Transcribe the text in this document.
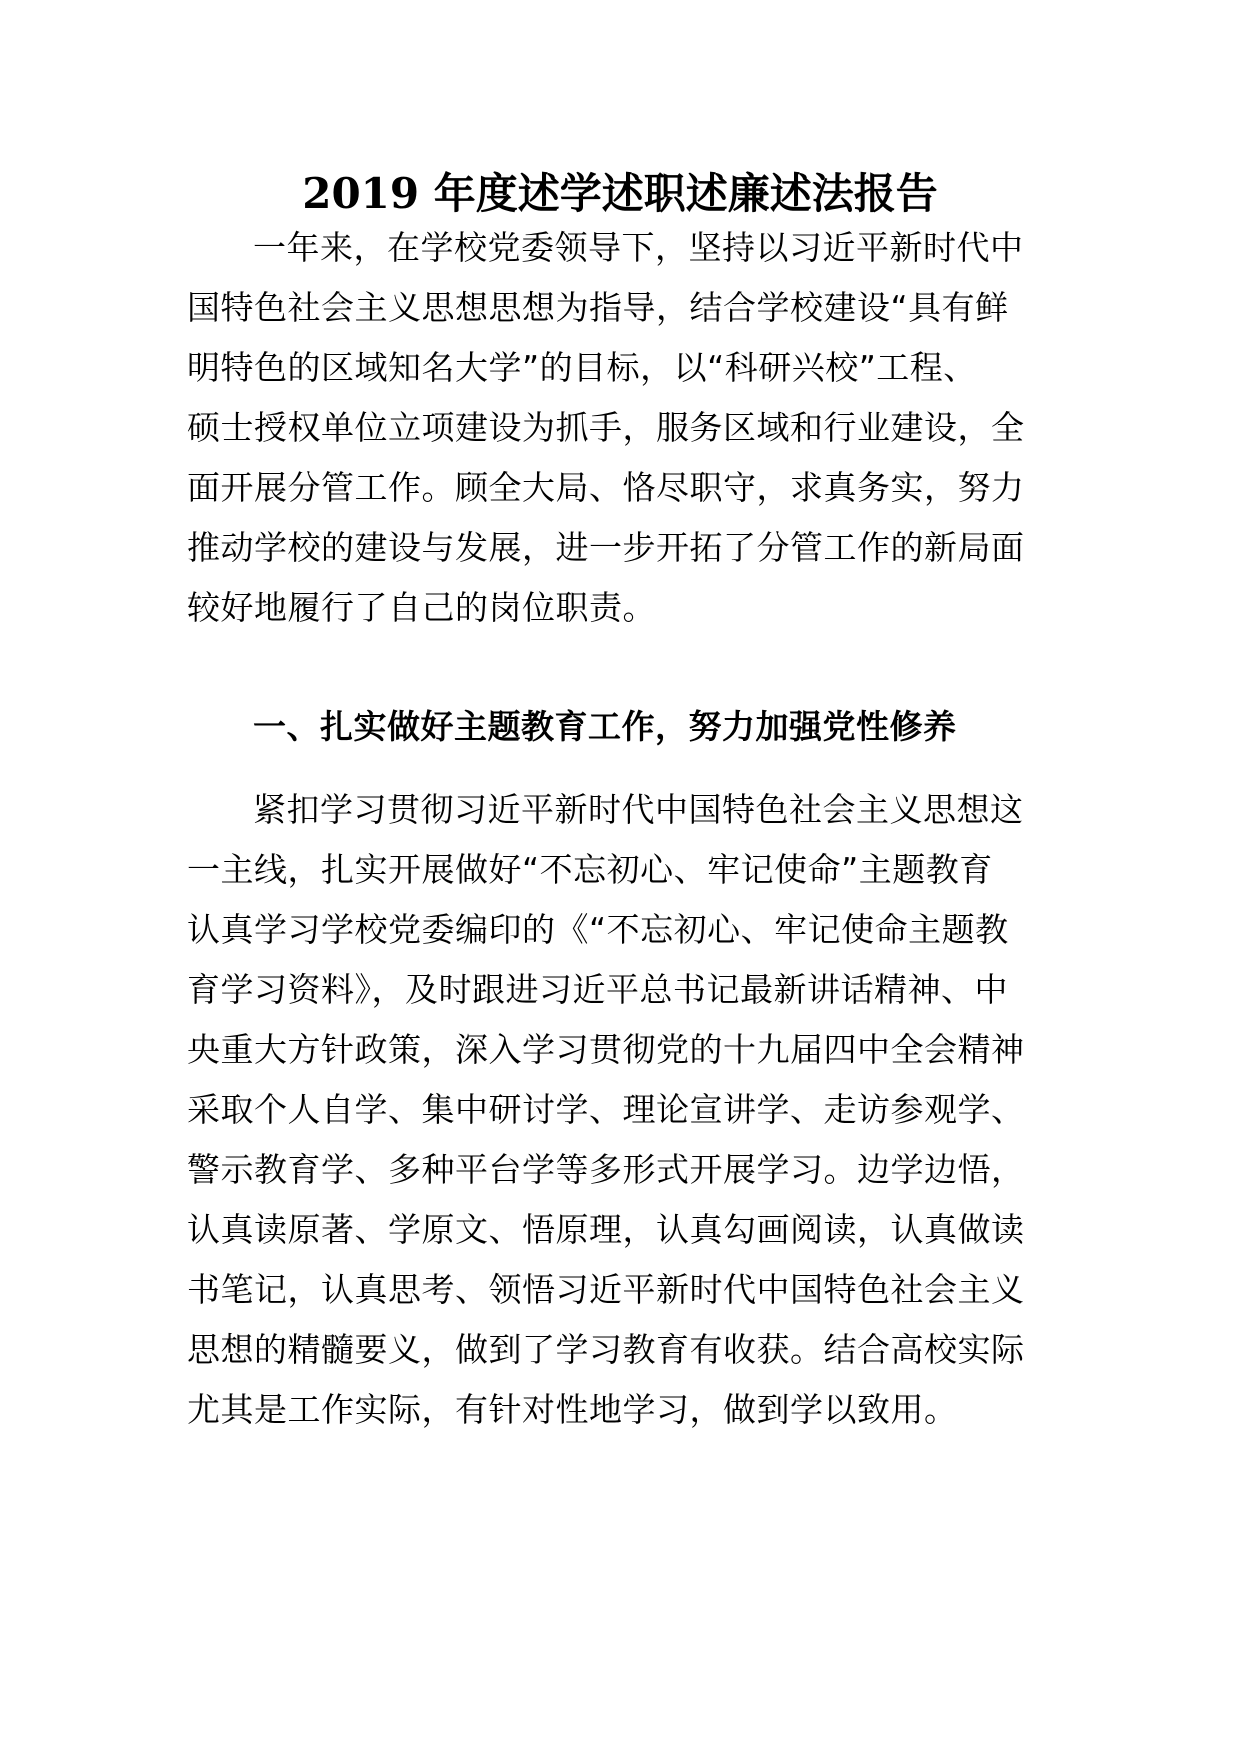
2019 年度述学述职述廉述法报告
一年来，在学校党委领导下，坚持以习近平新时代中
国特色社会主义思想思想为指导，结合学校建设“具有鲜
明特色的区域知名大学”的目标，以“科研兴校”工程、
硕士授权单位立项建设为抓手，服务区域和行业建设，全
面开展分管工作。顾全大局、恪尽职守，求真务实，努力
推动学校的建设与发展，进一步开拓了分管工作的新局面
较好地履行了自己的岗位职责。
一、扎实做好主题教育工作，努力加强党性修养
紧扣学习贯彻习近平新时代中国特色社会主义思想这
一主线，扎实开展做好“不忘初心、牢记使命”主题教育
认真学习学校党委编印的《“不忘初心、牢记使命主题教
育学习资料》，及时跟进习近平总书记最新讲话精神、中
央重大方针政策，深入学习贯彻党的十九届四中全会精神
采取个人自学、集中研讨学、理论宣讲学、走访参观学、
警示教育学、多种平台学等多形式开展学习。边学边悟，
认真读原著、学原文、悟原理，认真勾画阅读，认真做读
书笔记，认真思考、领悟习近平新时代中国特色社会主义
思想的精髓要义，做到了学习教育有收获。结合高校实际
尤其是工作实际，有针对性地学习，做到学以致用。
